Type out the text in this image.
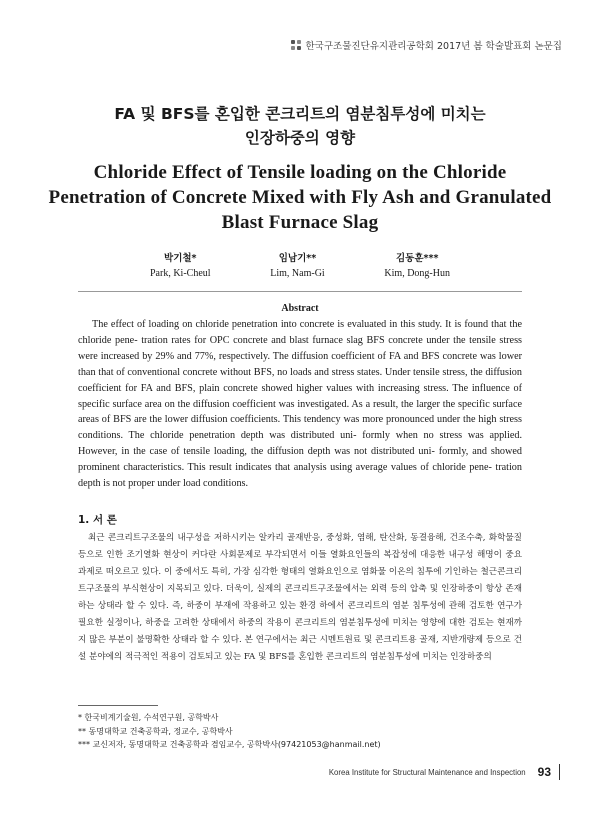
한국구조물진단유지관리공학회 2017년 봄 학술발표회 논문집
FA 및 BFS를 혼입한 콘크리트의 염분침투성에 미치는
인장하중의 영향
Chloride Effect of Tensile loading on the Chloride
Penetration of Concrete Mixed with Fly Ash and Granulated
Blast Furnace Slag
박기철*
Park, Ki-Cheul
임남기**
Lim, Nam-Gi
김동훈***
Kim, Dong-Hun
Abstract

The effect of loading on chloride penetration into concrete is evaluated in this study. It is found that the chloride pene- tration rates for OPC concrete and blast furnace slag BFS concrete under the tensile stress were increased by 29% and 77%, respectively. The diffusion coefficient of FA and BFS concrete was lower than that of conventional concrete without BFS, no loads and stress states. Under tensile stress, the diffusion coefficient for FA and BFS, plain concrete showed higher values with increasing stress. The influence of specific surface area on the diffusion coefficient was investigated. As a result, the larger the specific surface areas of BFS are the lower diffusion coefficients. This tendency was more pronounced under the high stress conditions. The chloride penetration depth was distributed uni- formly when no stress was applied. However, in the case of tensile loading, the diffusion depth was not distributed uni- formly, and showed prominent characteristics. This result indicates that analysis using average values of chloride pene- tration depth is not proper under load conditions.

1. 서 론

최근 콘크리트구조물의 내구성을 저하시키는 알카리 골재반응, 중성화, 염해, 탄산화, 동결융해, 건조수축, 화학물질 등으로 인한 조기열화 현상이 커다란 사회문제로 부각되면서 이들 열화요인들의 복잡성에 대응한 내구성 해명이 중요 과제로 떠오르고 있다. 이 중에서도 특히, 가장 심각한 형태의 열화요인으로 염화물 이온의 침투에 기인하는 철근콘크리트구조물의 부식현상이 지목되고 있다. 더욱이, 실제의 콘크리트구조물에서는 외력 등의 압축 및 인장하중이 항상 존재하는 상태라 할 수 있다. 즉, 하중이 부재에 작용하고 있는 환경 하에서 콘크리트의 염분 침투성에 관해 검토한 연구가 필요한 실정이나, 하중을 고려한 상태에서 하중의 작용이 콘크리트의 염분침투성에 미치는 영향에 대한 검토는 현재까지 많은 부분이 불명확한 상태라 할 수 있다. 본 연구에서는 최근 시멘트원료 및 콘크리트용 골재, 지반개량제 등으로 건설 분야에의 적극적인 적용이 검토되고 있는 FA 및 BFS를 혼입한 콘크리트의 염분침투성에 미치는 인장하중의

* 한국비계기술원, 수석연구원, 공학박사
** 동명대학교 건축공학과, 정교수, 공학박사
*** 교신저자, 동명대학교 건축공학과 겸임교수, 공학박사(97421053@hanmail.net)
Korea Institute for Structural Maintenance and Inspection 93
